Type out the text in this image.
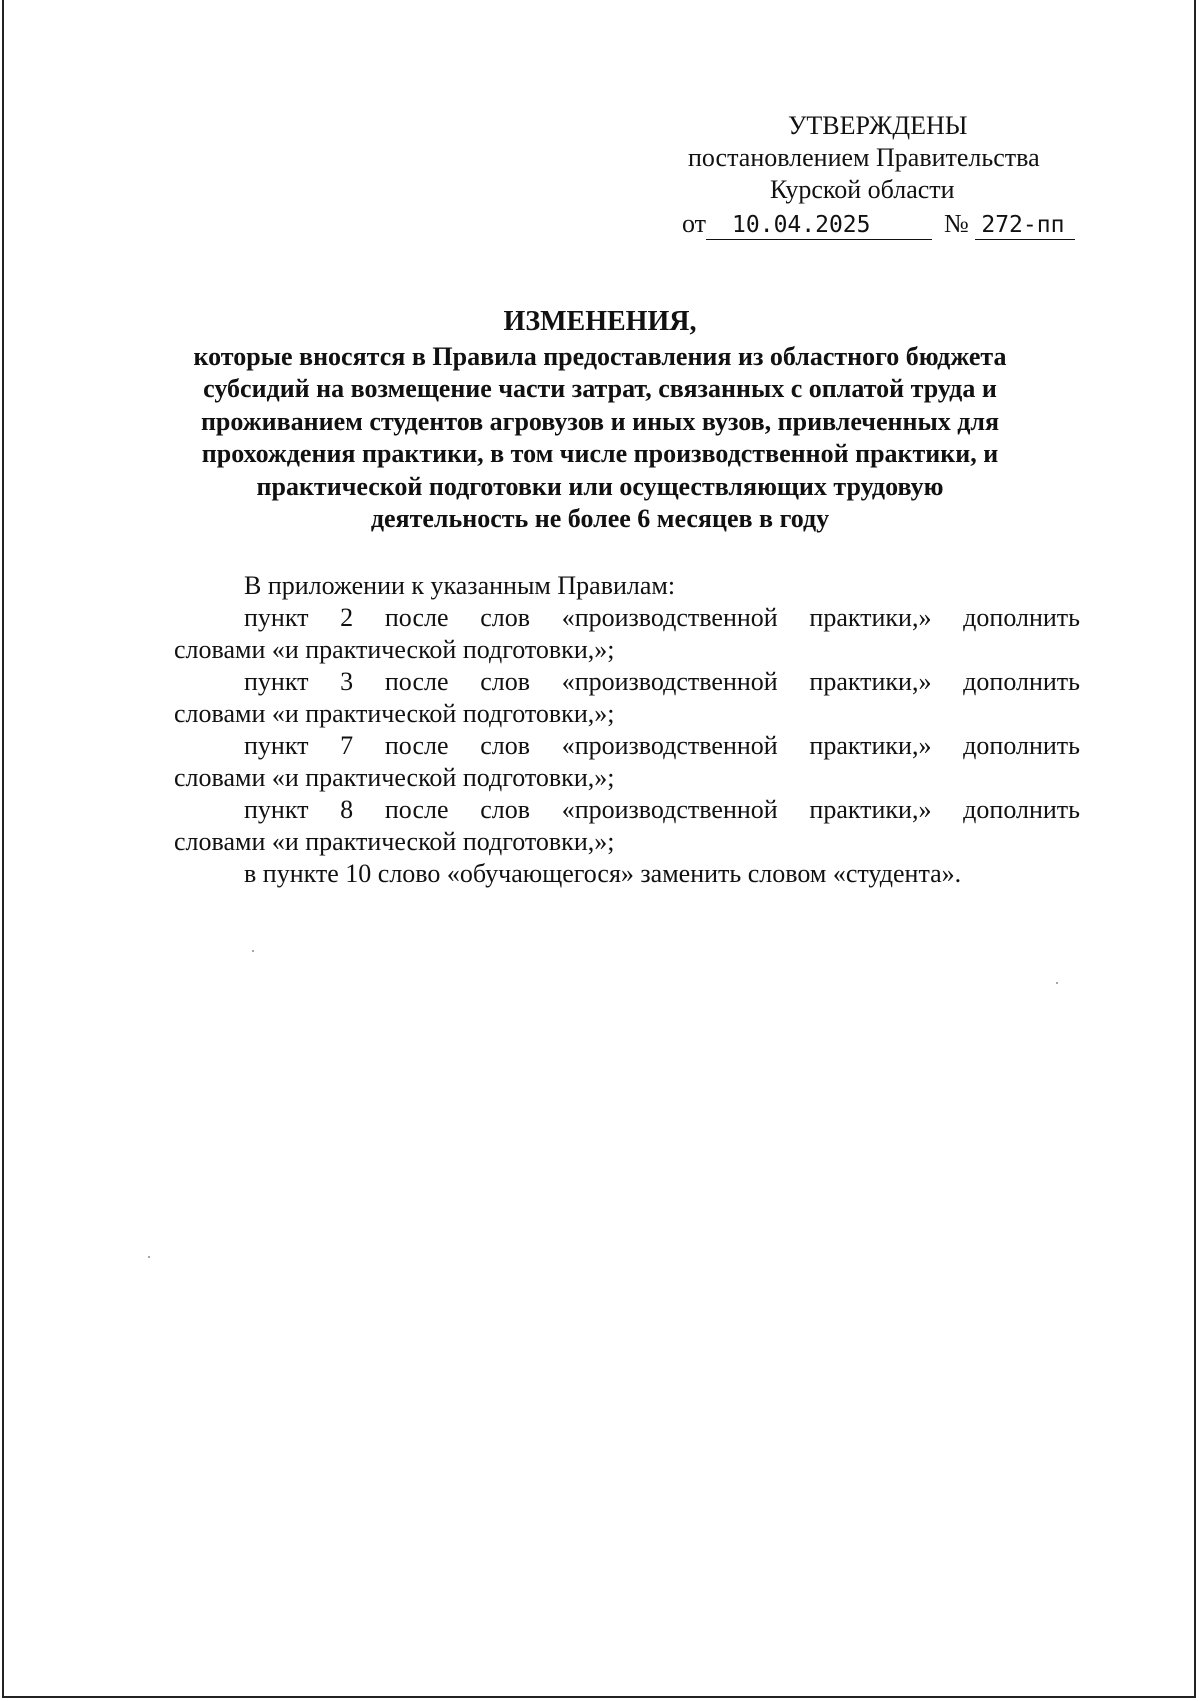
УТВЕРЖДЕНЫ
постановлением Правительства
Курской области
от 10.04.2025	№ 272-пп
ИЗМЕНЕНИЯ,
которые вносятся в Правила предоставления из областного бюджета
субсидий на возмещение части затрат, связанных с оплатой труда и
проживанием студентов агровузов и иных вузов, привлеченных для
прохождения практики, в том числе производственной практики, и
практической подготовки или осуществляющих трудовую
деятельность не более 6 месяцев в году
В приложении к указанным Правилам:
пункт 2 после слов «производственной практики,» дополнить
словами «и практической подготовки,»;
пункт 3 после слов «производственной практики,» дополнить
словами «и практической подготовки,»;
пункт 7 после слов «производственной практики,» дополнить
словами «и практической подготовки,»;
пункт 8 после слов «производственной практики,» дополнить
словами «и практической подготовки,»;
в пункте 10 слово «обучающегося» заменить словом «студента».
